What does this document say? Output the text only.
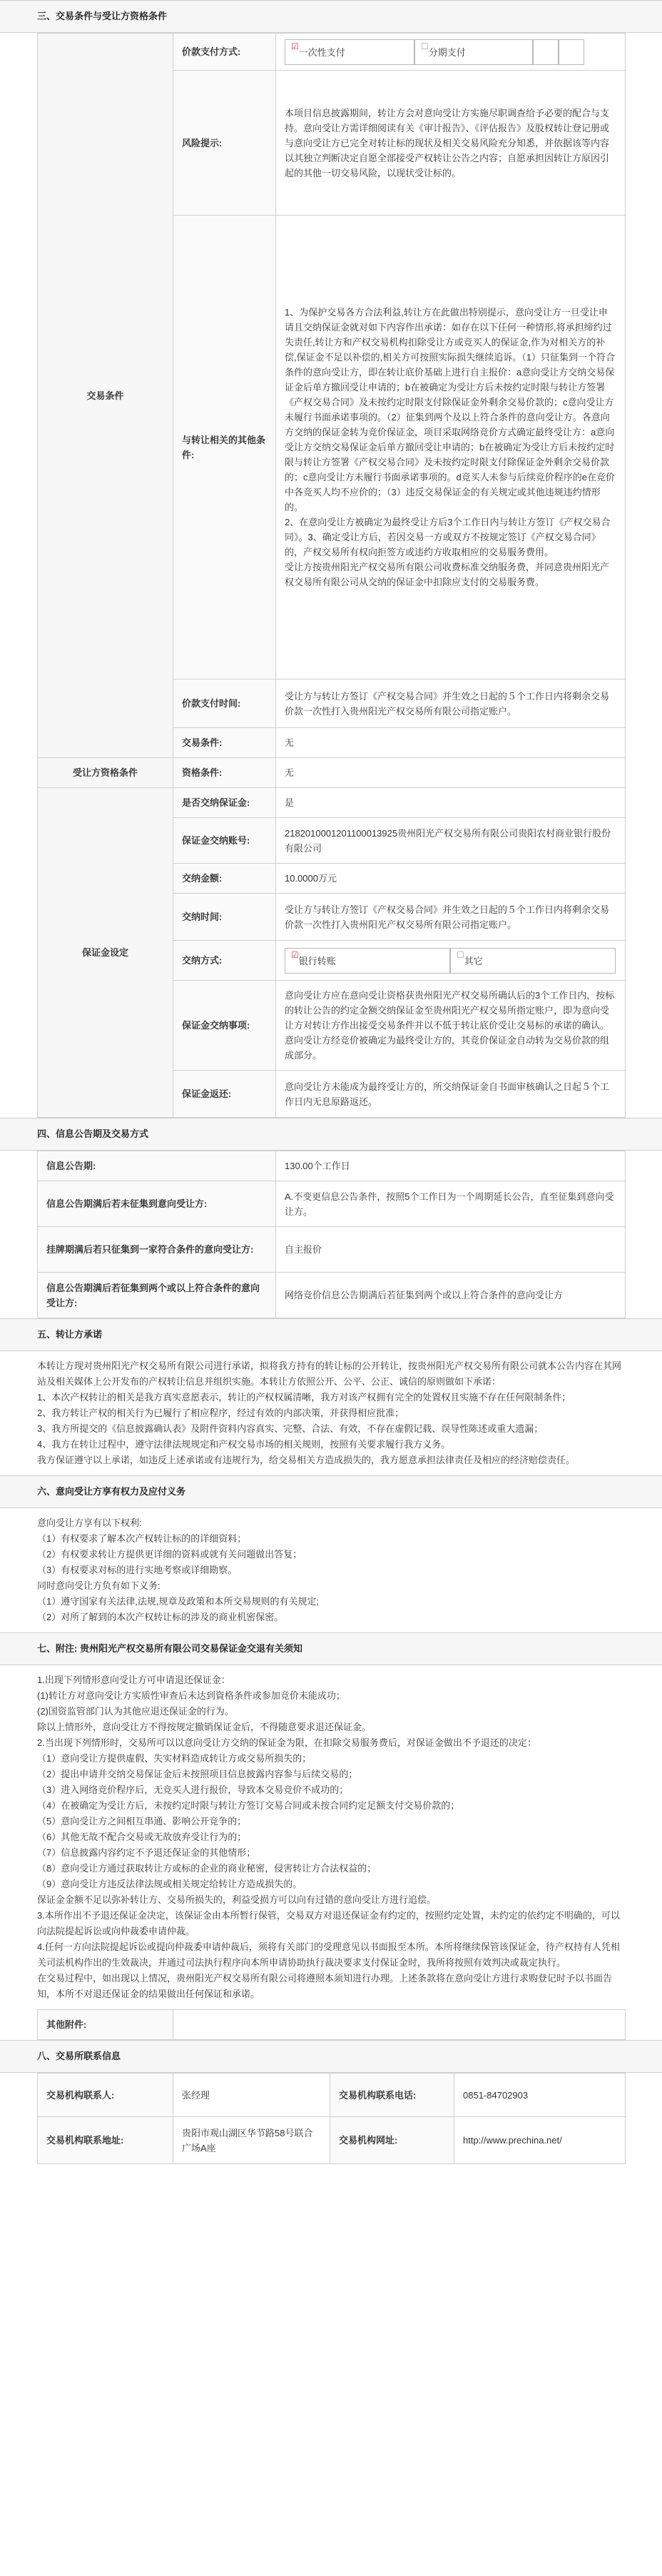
三、交易条件与受让方资格条件
交易条件	价款支付方式:	☑一次性支付
☐分期支付

	风险提示:	本项目信息披露期间，转让方会对意向受让方实施尽职调查给予必要的配合与支持。意向受让方需详细阅读有关《审计报告》、《评估报告》及股权转让登记册或与意向受让方已完全对转让标的现状及相关交易风险充分知悉，并依据该等内容以其独立判断决定自愿全部接受产权转让公告之内容；自愿承担因转让方原因引起的其他一切交易风险，以现状受让标的。
	与转让相关的其他条件:	1、为保护交易各方合法利益,转让方在此做出特别提示，意向受让方一旦受让申请且交纳保证金就对如下内容作出承诺：如存在以下任何一种情形,将承担缔约过失责任,转让方和产权交易机构扣除受让方或竞买人的保证金,作为对相关方的补偿,保证金不足以补偿的,相关方可按照实际损失继续追诉。（1）只征集到一个符合条件的意向受让方，即在转让底价基础上进行自主报价：a意向受让方交纳交易保证金后单方撤回受让申请的；b在被确定为受让方后未按约定时限与转让方签署《产权交易合同》及未按约定时限支付除保证金外剩余交易价款的；c意向受让方未履行书面承诺事项的。（2）征集到两个及以上符合条件的意向受让方。各意向方交纳的保证金转为竞价保证金，项目采取网络竞价方式确定最终受让方：a意向受让方交纳交易保证金后单方撤回受让申请的；b在被确定为受让方后未按约定时限与转让方签署《产权交易合同》及未按约定时限支付除保证金外剩余交易价款的；c意向受让方未履行书面承诺事项的。d竞买人未参与后续竞价程序的e在竞价中各竞买人均不应价的；（3）违反交易保证金的有关规定或其他违规违约情形的。
2、在意向受让方被确定为最终受让方后3个工作日内与转让方签订《产权交易合同》。3、确定受让方后，若因交易一方或双方不按规定签订《产权交易合同》的，产权交易所有权向拒签方或违约方收取相应的交易服务费用。
受让方按贵州阳光产权交易所有限公司收费标准交纳服务费，并同意贵州阳光产权交易所有限公司从交纳的保证金中扣除应支付的交易服务费。
	价款支付时间:	受让方与转让方签订《产权交易合同》并生效之日起的５个工作日内将剩余交易价款一次性打入贵州阳光产权交易所有限公司指定账户。
	交易条件:	无

受让方资格条件	资格条件:	无
保证金设定	是否交纳保证金:	是
	保证金交纳账号:	2182010001201100013925贵州阳光产权交易所有限公司贵阳农村商业银行股份有限公司
	交纳金额:	10.0000万元
	交纳时间:	受让方与转让方签订《产权交易合同》并生效之日起的５个工作日内将剩余交易价款一次性打入贵州阳光产权交易所有限公司指定账户。
	交纳方式:	☑银行转账
☐其它

	保证金交纳事项:	意向受让方应在意向受让资格获贵州阳光产权交易所确认后的3个工作日内，按标的转让公告的约定金额交纳保证金至贵州阳光产权交易所指定账户，即为意向受让方对转让方作出接受交易条件并以不低于转让底价受让交易标的承诺的确认。意向受让方经竞价被确定为最终受让方的，其竞价保证金自动转为交易价款的组成部分。
	保证金返还:	意向受让方未能成为最终受让方的，所交纳保证金自书面审核确认之日起５个工作日内无息原路返还。
四、信息公告期及交易方式
信息公告期:	130.00个工作日
信息公告期满后若未征集到意向受让方:	A.不变更信息公告条件，按照5个工作日为一个周期延长公告，直至征集到意向受让方。
挂牌期满后若只征集到一家符合条件的意向受让方:	自主报价
信息公告期满后若征集到两个或以上符合条件的意向受让方:	网络竞价信息公告期满后若征集到两个或以上符合条件的意向受让方
五、转让方承诺

本转让方现对贵州阳光产权交易所有限公司进行承诺，拟将我方持有的转让标的公开转让，按贵州阳光产权交易所有限公司就本公告内容在其网站及相关媒体上公开发布的产权转让信息并组织实施。本转让方依照公开、公平、公正、诚信的原则做如下承诺：

1、本次产权转让的相关是我方真实意愿表示，转让的产权权属清晰，我方对该产权拥有完全的处置权且实施不存在任何限制条件；

2、我方转让产权的相关行为已履行了相应程序，经过有效的内部决策，并获得相应批准；

3、我方所提交的《信息披露确认表》及附件资料内容真实、完整、合法、有效，不存在虚假记载、误导性陈述或重大遗漏；

4、我方在转让过程中，遵守法律法规规定和产权交易市场的相关规则，按照有关要求履行我方义务。

我方保证遵守以上承诺，如违反上述承诺或有违规行为，给交易相关方造成损失的，我方愿意承担法律责任及相应的经济赔偿责任。

六、意向受让方享有权力及应付义务

意向受让方享有以下权利:

（1）有权要求了解本次产权转让标的的详细资料；

（2）有权要求转让方提供更详细的资料或就有关问题做出答复；

（3）有权要求对标的进行实地考察或详细勘察。

同时意向受让方负有如下义务:

（1）遵守国家有关法律,法规,规章及政策和本所交易规则的有关规定;

（2）对所了解到的本次产权转让标的涉及的商业机密保密。

七、附注: 贵州阳光产权交易所有限公司交易保证金交退有关须知

1.出现下列情形意向受让方可申请退还保证金：

(1)转让方对意向受让方实质性审查后未达到資格条件或参加竞价未能成功；

(2)国资监管部门认为其他应退还保证金的行为。

除以上情形外，意向受让方不得按规定撤销保证金后，不得随意要求退还保证金。

2.当出现下列情形时，交易所可以以意向受让方交纳的保证金为限，在扣除交易服务费后，对保证金做出不予退还的决定：

（1）意向受让方提供虚假、失实材料造成转让方或交易所损失的；

（2）提出申请并交纳交易保证金后未按照项目信息披露内容参与后续交易的；

（3）进入网络竞价程序后，无竞买人进行报价，导致本交易竞价不成功的；

（4）在被确定为受让方后，未按约定时限与转让方签订交易合同或未按合同约定足额支付交易价款的；

（5）意向受让方之间相互串通、影响公开竞争的；

（6）其他无故不配合交易或无故放弃受让行为的；

（7）信息披露内容约定不予退还保证金的其他情形；

（8）意向受让方通过获取转让方或标的企业的商业秘密，侵害转让方合法权益的；

（9）意向受让方违反法律法规或相关规定给转让方造成损失的。

保证金金额不足以弥补转让方、交易所损失的，利益受损方可以向有过错的意向受让方进行追偿。

3.本所作出不予退还保证金决定，该保证金由本所暂行保管，交易双方对退还保证金有约定的，按照约定处置，未约定的依约定不明确的，可以向法院提起诉讼或向仲裁委申请仲裁。

4.任何一方向法院提起诉讼或提向仲裁委申请仲裁后，须将有关部门的受理意见以书面报至本所。本所将继续保管该保证金，待产权持有人凭相关司法机构作出的生效裁决，并通过司法执行程序向本所申请协助执行裁决要求支付保证金时，我所将按照有效判决或裁定执行。

在交易过程中，如出现以上情况，贵州阳光产权交易所有限公司将遵照本须知进行办理。上述条款将在意向受让方进行求购登记时予以书面告知，本所不对退还保证金的结果做出任何保证和承诺。

其他附件:	
八、交易所联系信息
交易机构联系人:	张经理	交易机构联系电话:	0851-84702903
交易机构联系地址:	贵阳市观山湖区华节路58号联合广场A座	交易机构网址:	http://www.prechina.net/
